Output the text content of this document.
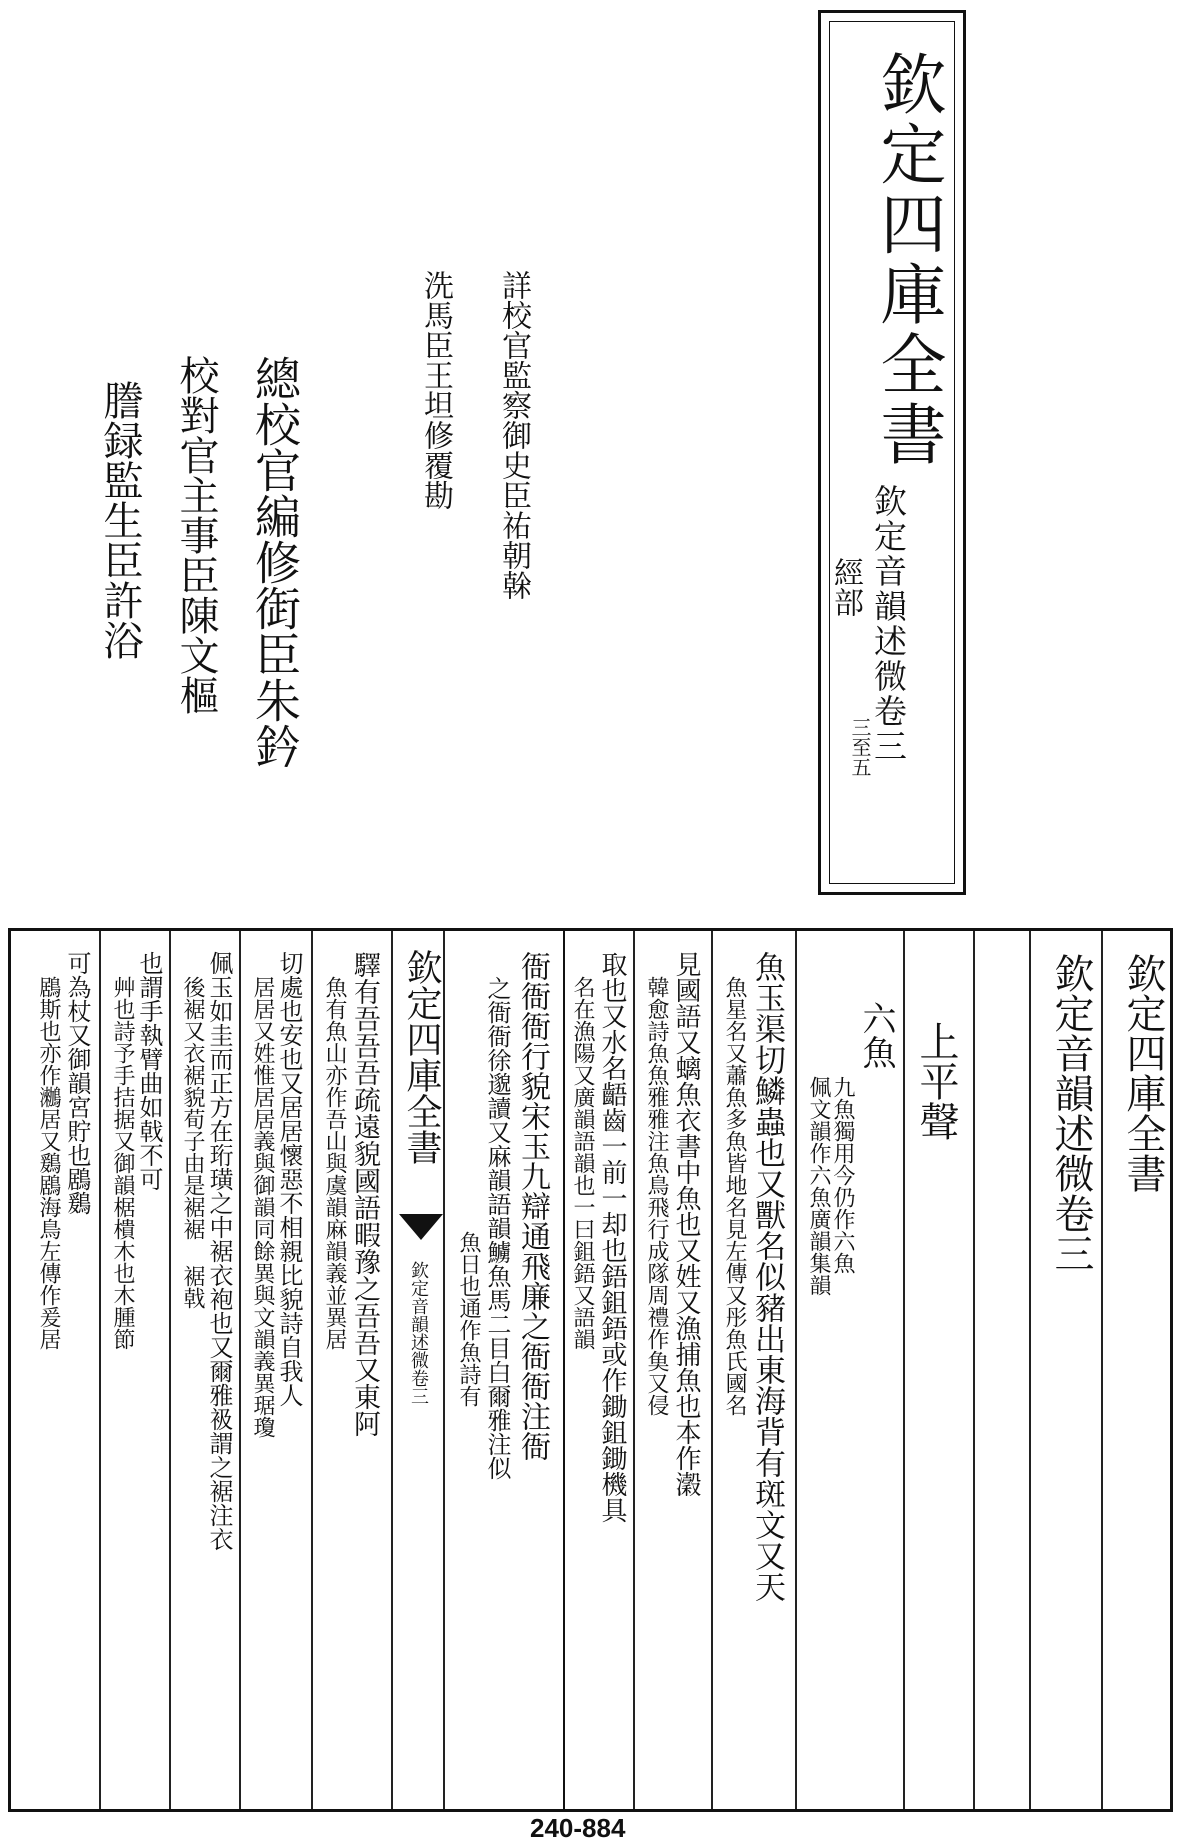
欽定四庫全書
欽定音韻述微卷三
三至五
經部
詳校官監察御史臣祐朝榦
洗馬臣王坦修覆勘
總校官編修衘臣朱鈐
校對官主事臣陳文樞
謄録監生臣許浴
欽定四庫全書
欽定音韻述微卷三
上平聲
六魚
九魚獨用今仍作六魚
佩文韻作六魚廣韻集韻
魚玉渠切鱗蟲也又獸名似豬出東海背有斑文又天
魚星名又蕭魚多魚皆地名見左傳又彤魚氏國名
見國語又螭魚衣書中魚也又姓又漁捕魚也本作瀔
韓愈詩魚魚雅雅注魚鳥飛行成隊周禮作𩵋又侵
取也又水名齬齒一前一却也鋙鉏鋙或作鋤鉏鋤機具
名在漁陽又廣韻語韻也一曰鉏鋙又語韻
衙衙衙行貌宋玉九辯通飛廉之衙衙注衙
之衙衙徐邈讀又麻韻語韻䲐魚馬二目白爾雅注似
魚日也通作魚詩有
欽定四庫全書
欽定音韻述微卷三
驛有吾吾吾疏遠貌國語暇豫之吾吾又東阿
魚有魚山亦作吾山與虞韻麻韻義並異居
切處也安也又居居懷惡不相親比貌詩自我人
居居又姓惟居居義與御韻同餘異與文韻義異琚瓊
佩玉如圭而正方在珩璜之中裾衣袍也又爾雅衱謂之裾注衣
後裾又衣裾貌荀子由是裾裾 裾戟
也謂手執臂曲如戟不可
艸也詩予手拮据又御韻椐樻木也木腫節
可為杖又御韻宮貯也鶋鶢
鶋斯也亦作𪆵居又鶢鶋海鳥左傳作爰居
240-884
